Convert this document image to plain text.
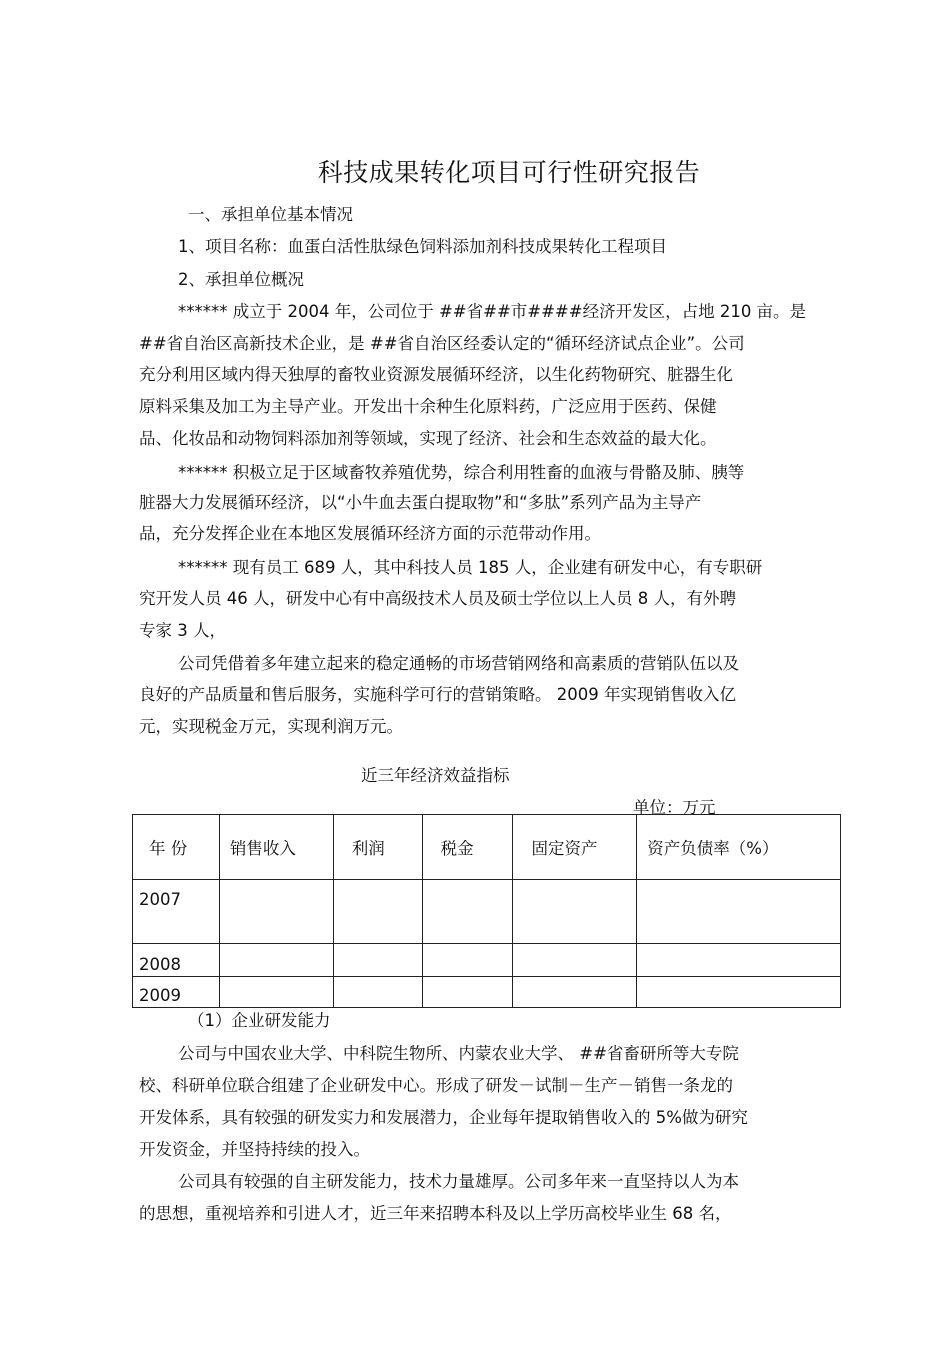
科技成果转化项目可行性研究报告
一、承担单位基本情况
1、项目名称：血蛋白活性肽绿色饲料添加剂科技成果转化工程项目
2、承担单位概况
****** 成立于 2004 年，公司位于 ##省##市####经济开发区，占地 210 亩。是
##省自治区高新技术企业，是 ##省自治区经委认定的“循环经济试点企业”。公司
充分利用区域内得天独厚的畜牧业资源发展循环经济，以生化药物研究、脏器生化
原料采集及加工为主导产业。开发出十余种生化原料药，广泛应用于医药、保健
品、化妆品和动物饲料添加剂等领域，实现了经济、社会和生态效益的最大化。
****** 积极立足于区域畜牧养殖优势，综合利用牲畜的血液与骨骼及肺、胰等
脏器大力发展循环经济，以“小牛血去蛋白提取物”和“多肽”系列产品为主导产
品，充分发挥企业在本地区发展循环经济方面的示范带动作用。
****** 现有员工 689 人，其中科技人员 185 人，企业建有研发中心，有专职研
究开发人员 46 人，研发中心有中高级技术人员及硕士学位以上人员 8 人，有外聘
专家 3 人，
公司凭借着多年建立起来的稳定通畅的市场营销网络和高素质的营销队伍以及
良好的产品质量和售后服务，实施科学可行的营销策略。 2009 年实现销售收入亿
元，实现税金万元，实现利润万元。
近三年经济效益指标
单位：万元
年 份	销售收入	利润	税金	固定资产	资产负债率（%）
2007					
2008					
2009					
（1）企业研发能力
公司与中国农业大学、中科院生物所、内蒙农业大学、 ##省畜研所等大专院
校、科研单位联合组建了企业研发中心。形成了研发－试制－生产－销售一条龙的
开发体系，具有较强的研发实力和发展潜力，企业每年提取销售收入的 5%做为研究
开发资金，并坚持持续的投入。
公司具有较强的自主研发能力，技术力量雄厚。公司多年来一直坚持以人为本
的思想，重视培养和引进人才，近三年来招聘本科及以上学历高校毕业生 68 名，
